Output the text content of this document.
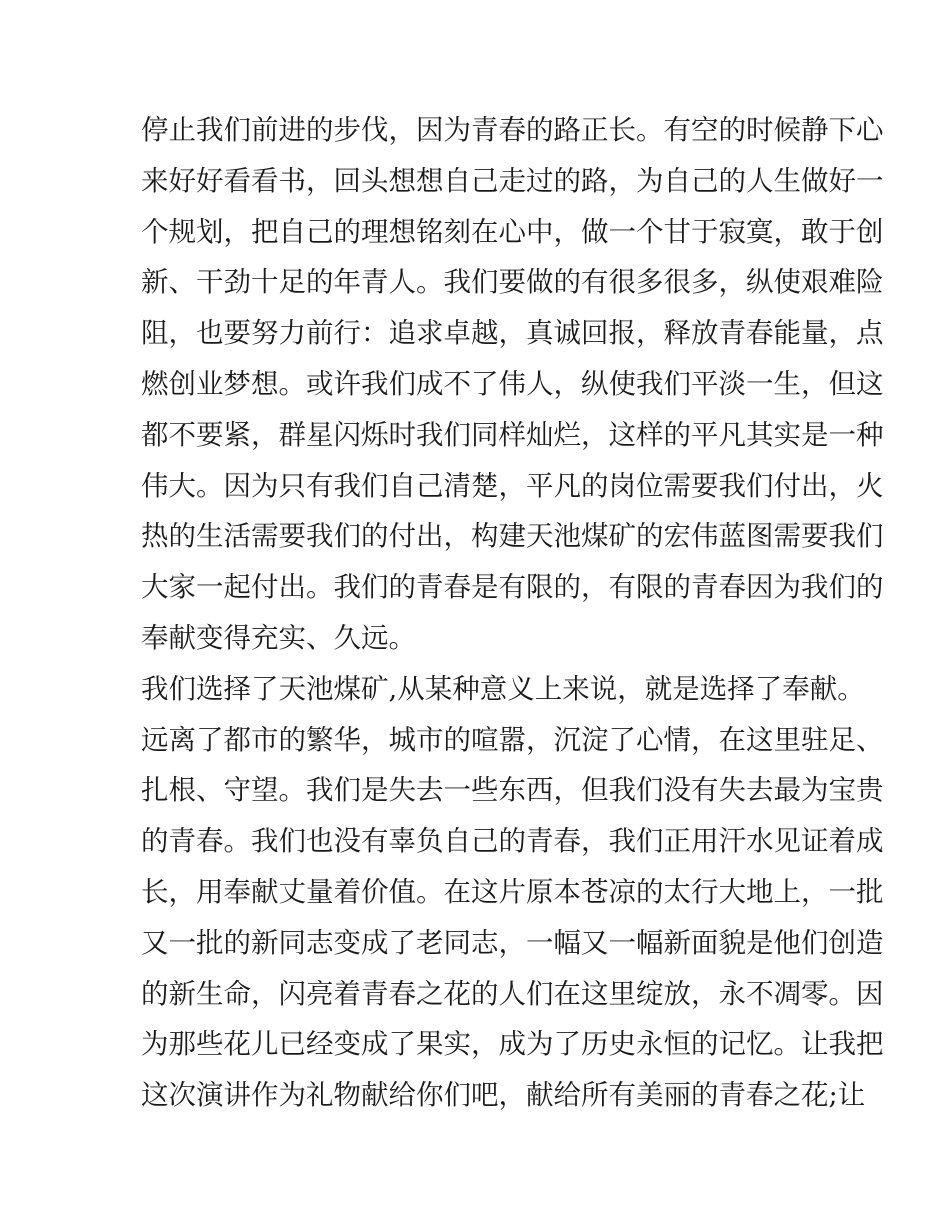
停止我们前进的步伐，因为青春的路正长。有空的时候静下心
来好好看看书，回头想想自己走过的路，为自己的人生做好一
个规划，把自己的理想铭刻在心中，做一个甘于寂寞，敢于创
新、干劲十足的年青人。我们要做的有很多很多，纵使艰难险
阻，也要努力前行：追求卓越，真诚回报，释放青春能量，点
燃创业梦想。或许我们成不了伟人，纵使我们平淡一生，但这
都不要紧，群星闪烁时我们同样灿烂，这样的平凡其实是一种
伟大。因为只有我们自己清楚，平凡的岗位需要我们付出，火
热的生活需要我们的付出，构建天池煤矿的宏伟蓝图需要我们
大家一起付出。我们的青春是有限的，有限的青春因为我们的
奉献变得充实、久远。
我们选择了天池煤矿,从某种意义上来说，就是选择了奉献。
远离了都市的繁华，城市的喧嚣，沉淀了心情，在这里驻足、
扎根、守望。我们是失去一些东西，但我们没有失去最为宝贵
的青春。我们也没有辜负自己的青春，我们正用汗水见证着成
长，用奉献丈量着价值。在这片原本苍凉的太行大地上，一批
又一批的新同志变成了老同志，一幅又一幅新面貌是他们创造
的新生命，闪亮着青春之花的人们在这里绽放，永不凋零。因
为那些花儿已经变成了果实，成为了历史永恒的记忆。让我把
这次演讲作为礼物献给你们吧，献给所有美丽的青春之花;让
